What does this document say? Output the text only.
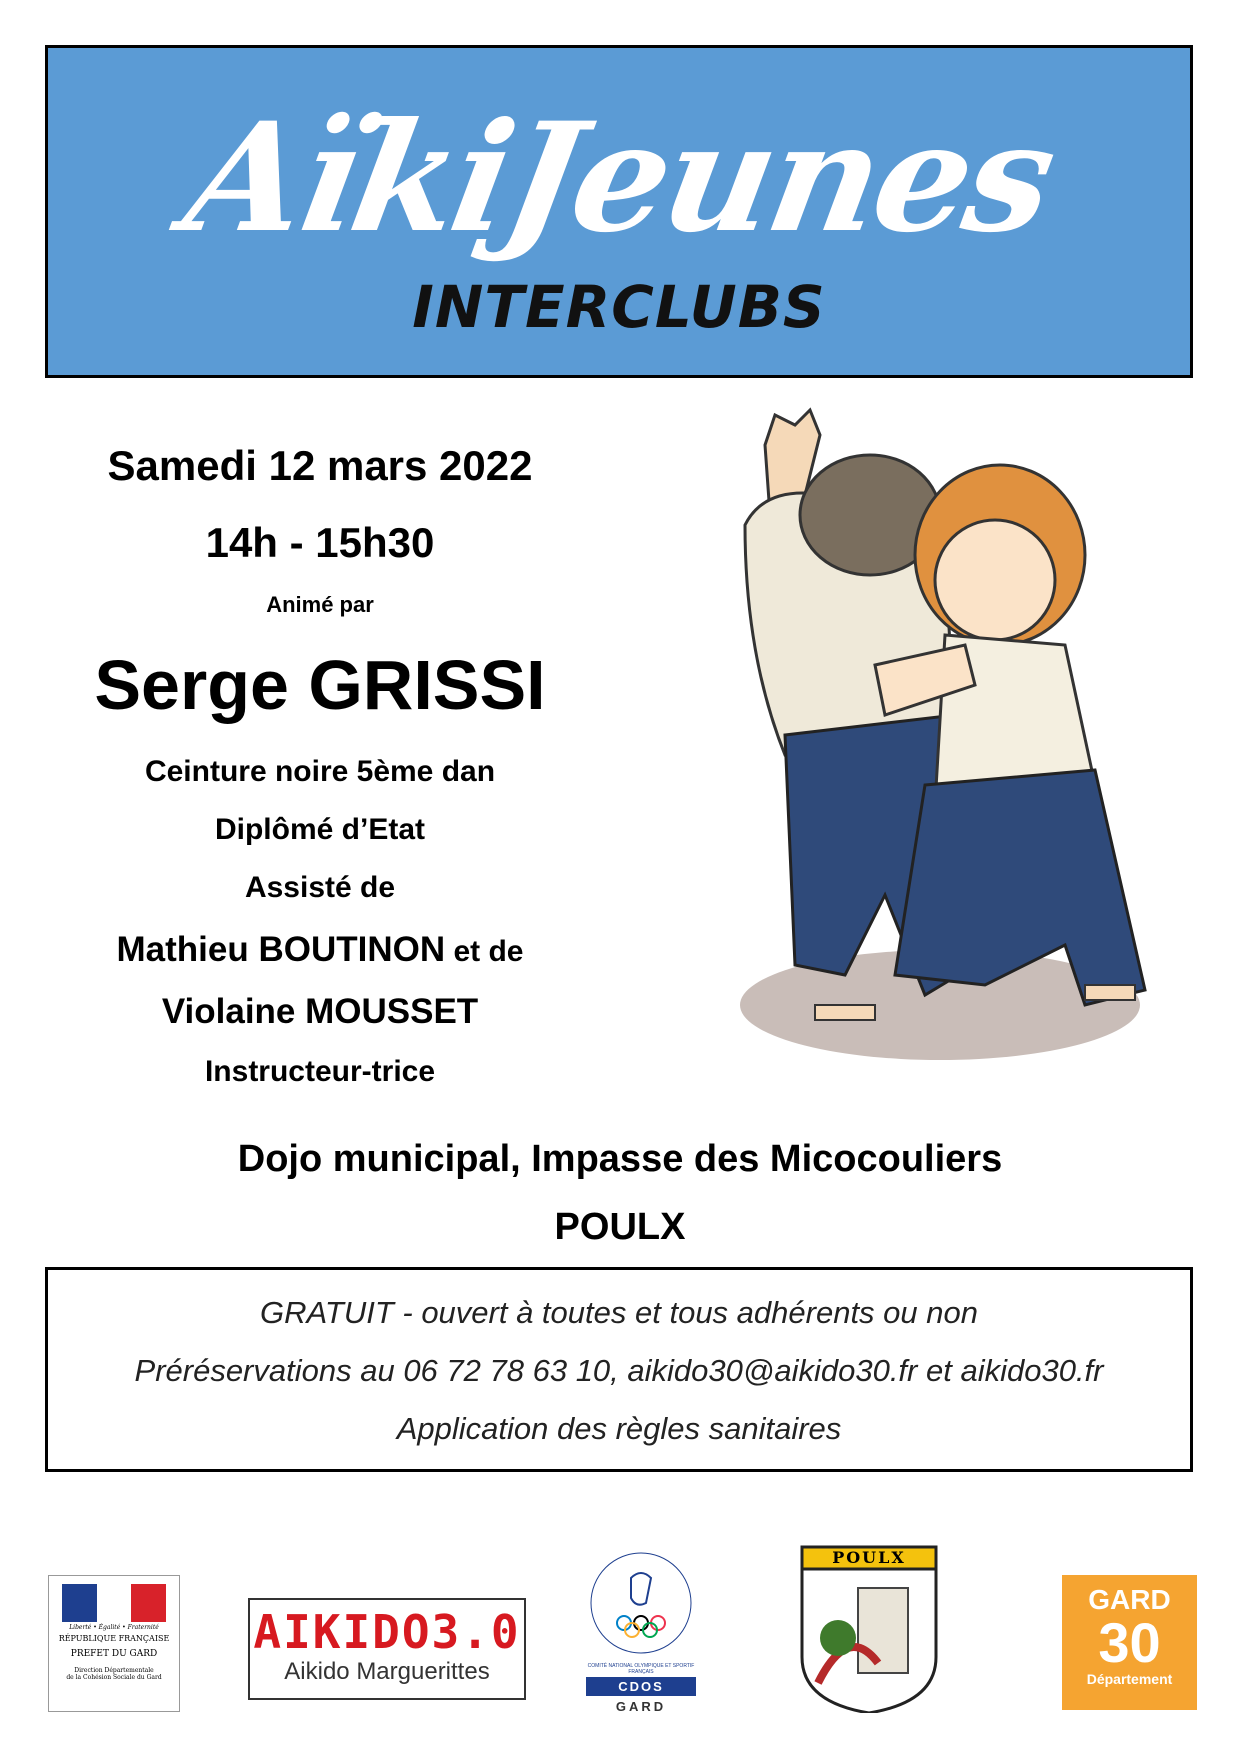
AïkiJeunes
INTERCLUBS
Samedi 12 mars 2022
14h - 15h30
Animé par
Serge GRISSI
Ceinture noire 5ème dan
Diplômé d’Etat
Assisté de
Mathieu BOUTINON et de
Violaine MOUSSET
Instructeur-trice
Dojo municipal, Impasse des Micocouliers
POULX
GRATUIT - ouvert à toutes et tous adhérents ou non
Préréservations au 06 72 78 63 10, aikido30@aikido30.fr et aikido30.fr
Application des règles sanitaires
Liberté • Égalité • Fraternité
RÉPUBLIQUE FRANÇAISE
PREFET DU GARD
Direction Départementale
de la Cohésion Sociale du Gard
AIKIDO3.0
Aikido Marguerittes	COMITÉ NATIONAL OLYMPIQUE ET SPORTIF FRANÇAIS
CDOS
GARD
POULX
GARD
30
Département
